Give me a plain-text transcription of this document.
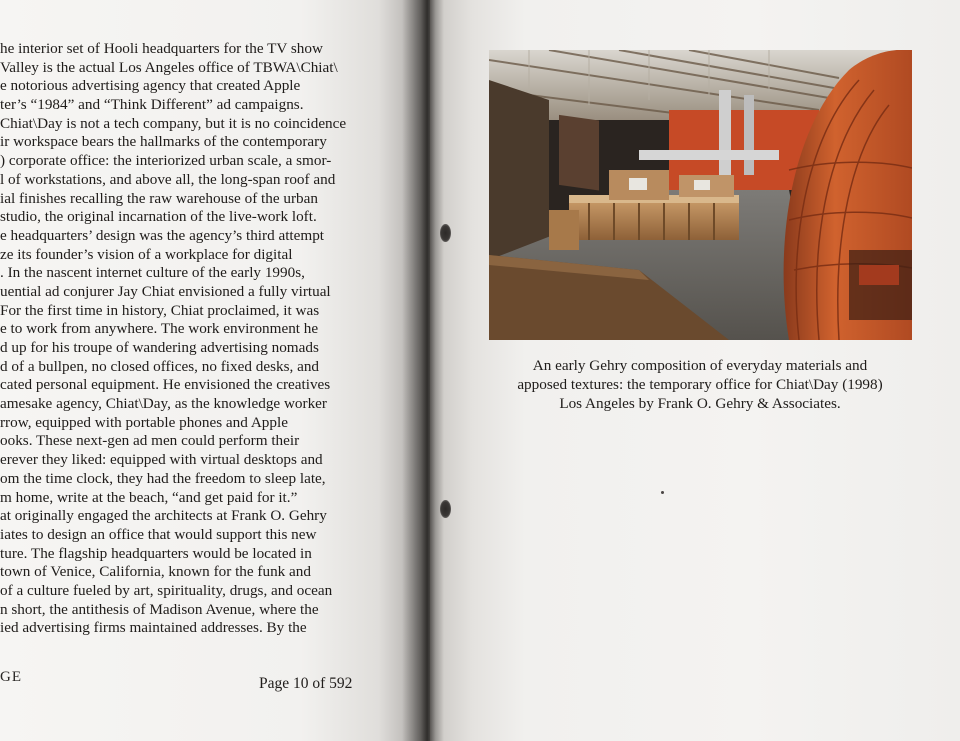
he interior set of Hooli headquarters for the TV show
Valley is the actual Los Angeles office of TBWA\Chiat\
e notorious advertising agency that created Apple
ter’s “1984” and “Think Different” ad campaigns.
Chiat\Day is not a tech company, but it is no coincidence
ir workspace bears the hallmarks of the contemporary
) corporate office: the interiorized urban scale, a smor-
l of workstations, and above all, the long-span roof and
ial finishes recalling the raw warehouse of the urban
studio, the original incarnation of the live-work loft.
e headquarters’ design was the agency’s third attempt
ze its founder’s vision of a workplace for digital
. In the nascent internet culture of the early 1990s,
uential ad conjurer Jay Chiat envisioned a fully virtual
For the first time in history, Chiat proclaimed, it was
e to work from anywhere. The work environment he
d up for his troupe of wandering advertising nomads
d of a bullpen, no closed offices, no fixed desks, and
cated personal equipment. He envisioned the creatives
amesake agency, Chiat\Day, as the knowledge worker
rrow, equipped with portable phones and Apple
ooks. These next-gen ad men could perform their
erever they liked: equipped with virtual desktops and
om the time clock, they had the freedom to sleep late,
m home, write at the beach, “and get paid for it.”
at originally engaged the architects at Frank O. Gehry
iates to design an office that would support this new
ture. The flagship headquarters would be located in
town of Venice, California, known for the funk and
of a culture fueled by art, spirituality, drugs, and ocean
n short, the antithesis of Madison Avenue, where the
ied advertising firms maintained addresses. By the
GE	Page 10 of 592
An early Gehry composition of everyday materials and
apposed textures: the temporary office for Chiat\Day (1998)
Los Angeles by Frank O. Gehry & Associates.
